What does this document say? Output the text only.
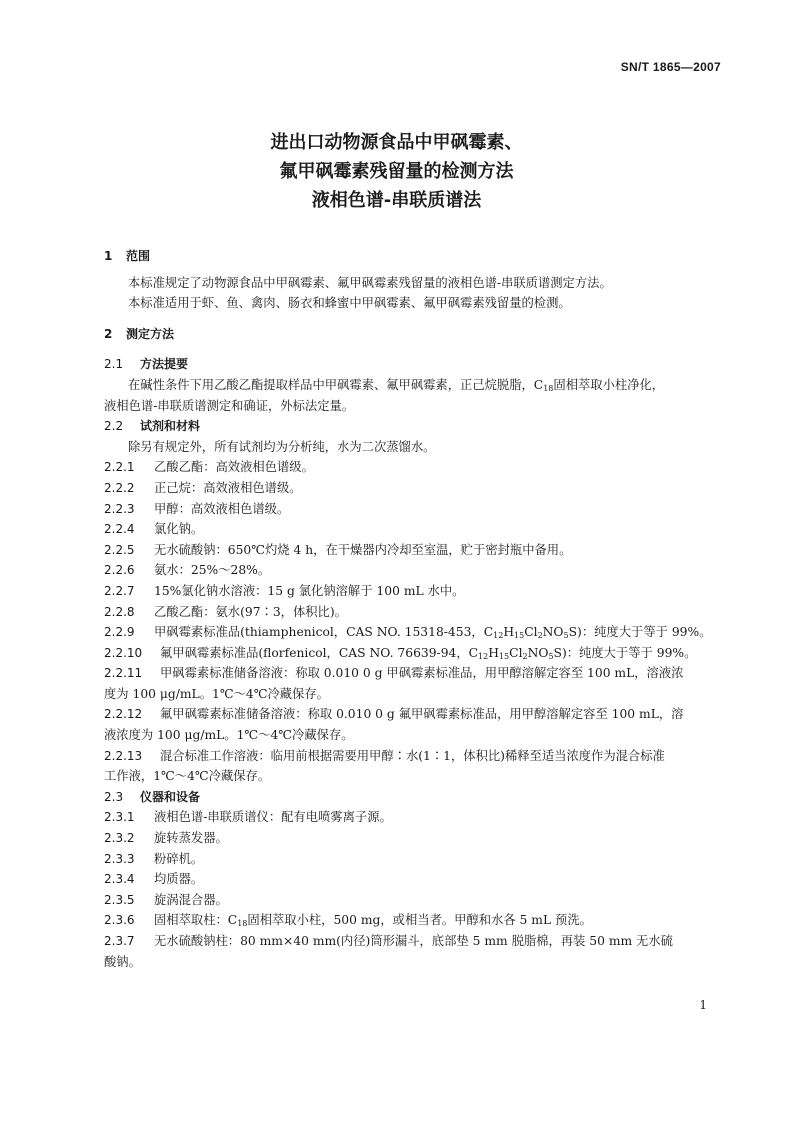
SN/T 1865—2007
进出口动物源食品中甲砜霉素、
氟甲砜霉素残留量的检测方法
液相色谱-串联质谱法
1 范围
本标准规定了动物源食品中甲砜霉素、氟甲砜霉素残留量的液相色谱-串联质谱测定方法。
本标准适用于虾、鱼、禽肉、肠衣和蜂蜜中甲砜霉素、氟甲砜霉素残留量的检测。
2 测定方法
2.1 方法提要
在碱性条件下用乙酸乙酯提取样品中甲砜霉素、氟甲砜霉素，正己烷脱脂，$C_{18}$固相萃取小柱净化，
液相色谱-串联质谱测定和确证，外标法定量。
2.2 试剂和材料
除另有规定外，所有试剂均为分析纯，水为二次蒸馏水。
2.2.1 乙酸乙酯：高效液相色谱级。
2.2.2 正己烷：高效液相色谱级。
2.2.3 甲醇：高效液相色谱级。
2.2.4 氯化钠。
2.2.5 无水硫酸钠：650℃灼烧 4 h，在干燥器内冷却至室温，贮于密封瓶中备用。
2.2.6 氨水：25%～28%。
2.2.7 15%氯化钠水溶液：15 g 氯化钠溶解于 100 mL 水中。
2.2.8 乙酸乙酯：氨水(97∶3，体积比)。
2.2.9 甲砜霉素标准品(thiamphenicol，CAS NO. 15318-453，$C_{12}H_{15}Cl_2NO_5S$)：纯度大于等于 99%。
2.2.10 氟甲砜霉素标准品(florfenicol，CAS NO. 76639-94，$C_{12}H_{15}Cl_2NO_5S$)：纯度大于等于 99%。
2.2.11 甲砜霉素标准储备溶液：称取 0.010 0 g 甲砜霉素标准品，用甲醇溶解定容至 100 mL，溶液浓
度为 100 μg/mL。1℃～4℃冷藏保存。
2.2.12 氟甲砜霉素标准储备溶液：称取 0.010 0 g 氟甲砜霉素标准品，用甲醇溶解定容至 100 mL，溶
液浓度为 100 μg/mL。1℃～4℃冷藏保存。
2.2.13 混合标准工作溶液：临用前根据需要用甲醇∶水(1∶1，体积比)稀释至适当浓度作为混合标准
工作液，1℃～4℃冷藏保存。
2.3 仪器和设备
2.3.1 液相色谱-串联质谱仪：配有电喷雾离子源。
2.3.2 旋转蒸发器。
2.3.3 粉碎机。
2.3.4 均质器。
2.3.5 旋涡混合器。
2.3.6 固相萃取柱：$C_{18}$固相萃取小柱，500 mg，或相当者。甲醇和水各 5 mL 预洗。
2.3.7 无水硫酸钠柱：80 mm×40 mm(内径)筒形漏斗，底部垫 5 mm 脱脂棉，再装 50 mm 无水硫
酸钠。
1
